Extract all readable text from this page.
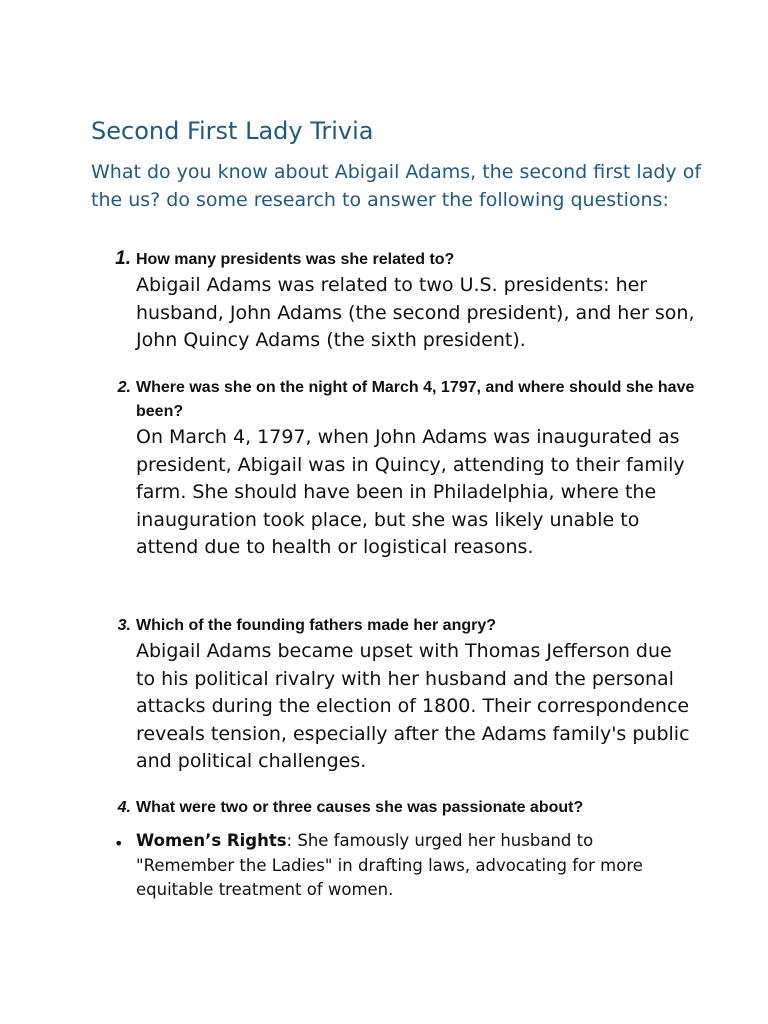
Second First Lady Trivia

What do you know about Abigail Adams, the second first lady of the us? do some research to answer the following questions:

1. How many presidents was she related to?

Abigail Adams was related to two U.S. presidents: her husband, John Adams (the second president), and her son, John Quincy Adams (the sixth president).

2. Where was she on the night of March 4, 1797, and where should she have been?

On March 4, 1797, when John Adams was inaugurated as president, Abigail was in Quincy, attending to their family farm. She should have been in Philadelphia, where the inauguration took place, but she was likely unable to attend due to health or logistical reasons.

3. Which of the founding fathers made her angry?

Abigail Adams became upset with Thomas Jefferson due to his political rivalry with her husband and the personal attacks during the election of 1800. Their correspondence reveals tension, especially after the Adams family's public and political challenges.

4. What were two or three causes she was passionate about?

• Women’s Rights: She famously urged her husband to "Remember the Ladies" in drafting laws, advocating for more equitable treatment of women.
